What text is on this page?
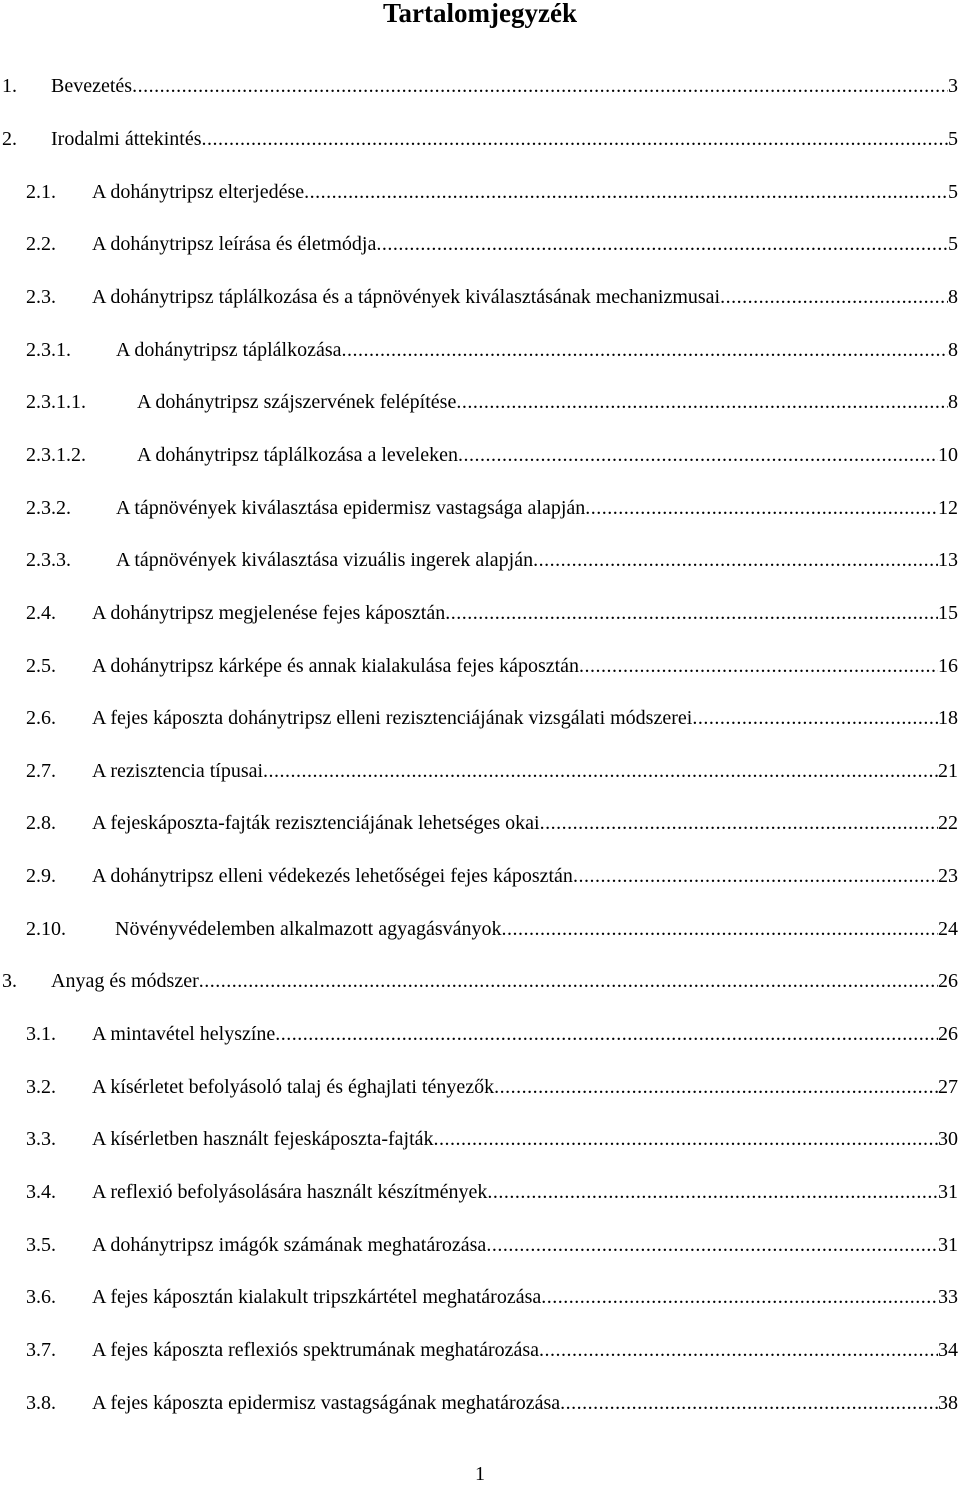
Tartalomjegyzék
1. Bevezetés .....	3
2. Irodalmi áttekintés .....	5
2.1. A dohánytripsz elterjedése .....	5
2.2. A dohánytripsz leírása és életmódja .....	5
2.3. A dohánytripsz táplálkozása és a tápnövények kiválasztásának mechanizmusai .....	8
2.3.1. A dohánytripsz táplálkozása .....	8
2.3.1.1.	A dohánytripsz szájszervének felépítése .....	8
2.3.1.2.	A dohánytripsz táplálkozása a leveleken .....	10
2.3.2. A tápnövények kiválasztása epidermisz vastagsága alapján .....	12
2.3.3. A tápnövények kiválasztása vizuális ingerek alapján .....	13
2.4. A dohánytripsz megjelenése fejes káposztán .....	15
2.5. A dohánytripsz kárképe és annak kialakulása fejes káposztán .....	16
2.6. A fejes káposzta dohánytripsz elleni rezisztenciájának vizsgálati módszerei .....	18
2.7. A rezisztencia típusai .....	21
2.8. A fejeskáposzta-fajták rezisztenciájának lehetséges okai .....	22
2.9. A dohánytripsz elleni védekezés lehetőségei fejes káposztán .....	23
2.10. Növényvédelemben alkalmazott agyagásványok .....	24
3. Anyag és módszer .....	26
3.1. A mintavétel helyszíne .....	26
3.2. A kísérletet befolyásoló talaj és éghajlati tényezők .....	27
3.3. A kísérletben használt fejeskáposzta-fajták .....	30
3.4. A reflexió befolyásolására használt készítmények .....	31
3.5. A dohánytripsz imágók számának meghatározása .....	31
3.6. A fejes káposztán kialakult tripszkártétel meghatározása .....	33
3.7. A fejes káposzta reflexiós spektrumának meghatározása .....	34
3.8. A fejes káposzta epidermisz vastagságának meghatározása .....	38
1
